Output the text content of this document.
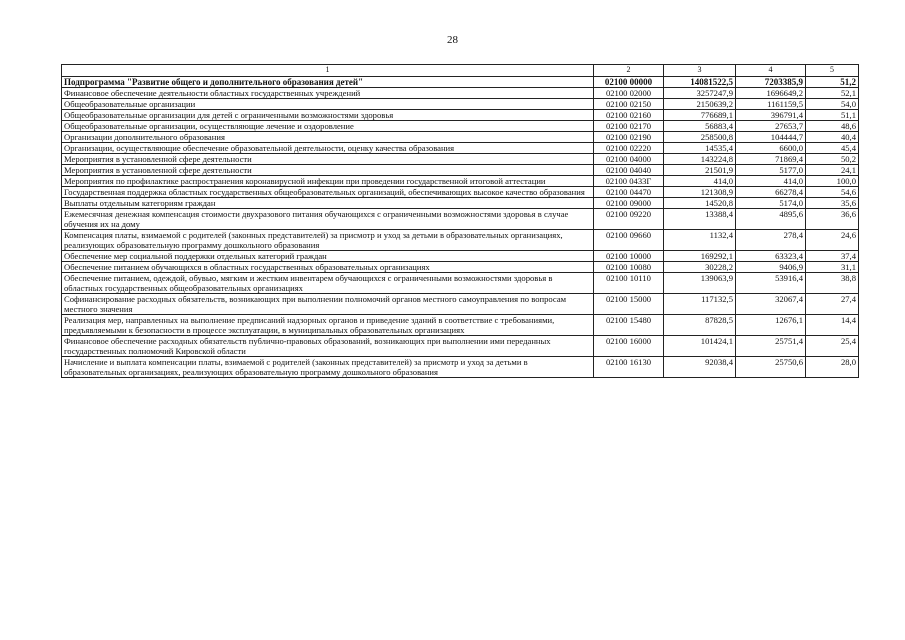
28
1	2	3	4	5
Подпрограмма "Развитие общего и дополнительного образования детей"	02100 00000	14081522,5	7203385,9	51,2
Финансовое обеспечение деятельности областных государственных учреждений	02100 02000	3257247,9	1696649,2	52,1
Общеобразовательные организации	02100 02150	2150639,2	1161159,5	54,0
Общеобразовательные организации для детей с ограниченными возможностями здоровья	02100 02160	776689,1	396791,4	51,1
Общеобразовательные организации, осуществляющие лечение и оздоровление	02100 02170	56883,4	27653,7	48,6
Организации дополнительного образования	02100 02190	258500,8	104444,7	40,4
Организации, осуществляющие обеспечение образовательной деятельности, оценку качества образования	02100 02220	14535,4	6600,0	45,4
Мероприятия в установленной сфере деятельности	02100 04000	143224,8	71869,4	50,2
Мероприятия в установленной сфере деятельности	02100 04040	21501,9	5177,0	24,1
Мероприятия по профилактике распространения коронавирусной инфекции при проведении государственной итоговой аттестации	02100 0433Г	414,0	414,0	100,0
Государственная поддержка областных государственных общеобразовательных организаций, обеспечивающих высокое качество образования	02100 04470	121308,9	66278,4	54,6
Выплаты отдельным категориям граждан	02100 09000	14520,8	5174,0	35,6
Ежемесячная денежная компенсация стоимости двухразового питания обучающихся с ограниченными возможностями здоровья в случае обучения их на дому	02100 09220	13388,4	4895,6	36,6
Компенсация платы, взимаемой с родителей (законных представителей) за присмотр и уход за детьми в образовательных организациях, реализующих образовательную программу дошкольного образования	02100 09660	1132,4	278,4	24,6
Обеспечение мер социальной поддержки отдельных категорий граждан	02100 10000	169292,1	63323,4	37,4
Обеспечение питанием обучающихся в областных государственных образовательных организациях	02100 10080	30228,2	9406,9	31,1
Обеспечение питанием, одеждой, обувью, мягким и жестким инвентарем обучающихся с ограниченными возможностями здоровья в областных государственных общеобразовательных организациях	02100 10110	139063,9	53916,4	38,8
Софинансирование расходных обязательств, возникающих при выполнении полномочий органов местного самоуправления по вопросам местного значения	02100 15000	117132,5	32067,4	27,4
Реализация мер, направленных на выполнение предписаний надзорных органов и приведение зданий в соответствие с требованиями, предъявляемыми к безопасности в процессе эксплуатации, в муниципальных образовательных организациях	02100 15480	87828,5	12676,1	14,4
Финансовое обеспечение расходных обязательств публично-правовых образований, возникающих при выполнении ими переданных государственных полномочий Кировской области	02100 16000	101424,1	25751,4	25,4
Начисление и выплата компенсации платы, взимаемой с родителей (законных представителей) за присмотр и уход за детьми в образовательных организациях, реализующих образовательную программу дошкольного образования	02100 16130	92038,4	25750,6	28,0
